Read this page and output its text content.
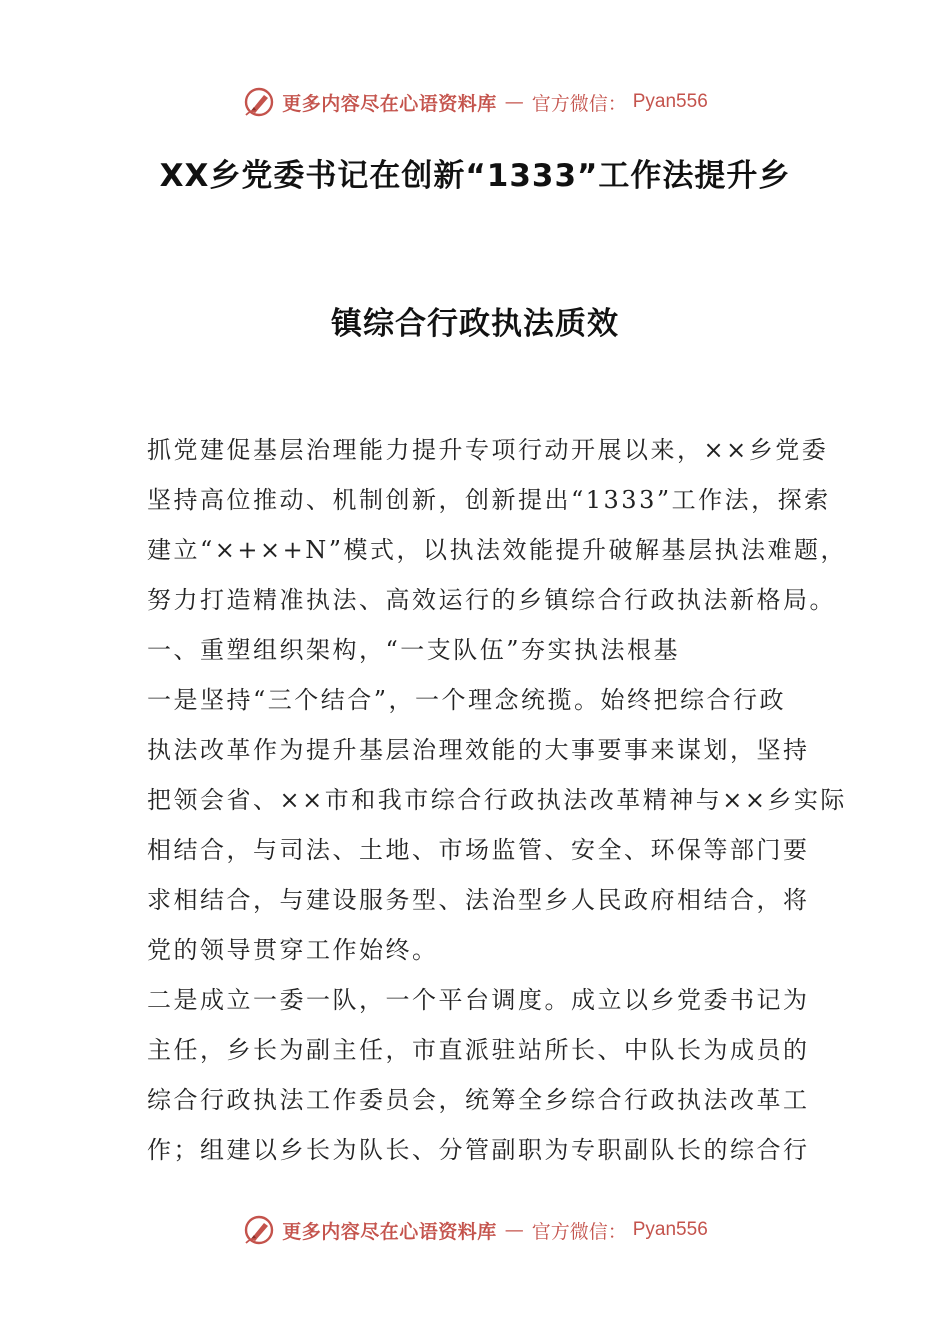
更多内容尽在心语资料库 — 官方微信： Pyan556
XX乡党委书记在创新“1333”工作法提升乡
镇综合行政执法质效
抓党建促基层治理能力提升专项行动开展以来，××乡党委
坚持高位推动、机制创新，创新提出“1333”工作法，探索
建立“×+×+N”模式，以执法效能提升破解基层执法难题，
努力打造精准执法、高效运行的乡镇综合行政执法新格局。
一、重塑组织架构，“一支队伍”夯实执法根基
一是坚持“三个结合”，一个理念统揽。始终把综合行政
执法改革作为提升基层治理效能的大事要事来谋划，坚持
把领会省、××市和我市综合行政执法改革精神与××乡实际
相结合，与司法、土地、市场监管、安全、环保等部门要
求相结合，与建设服务型、法治型乡人民政府相结合，将
党的领导贯穿工作始终。
二是成立一委一队，一个平台调度。成立以乡党委书记为
主任，乡长为副主任，市直派驻站所长、中队长为成员的
综合行政执法工作委员会，统筹全乡综合行政执法改革工
作；组建以乡长为队长、分管副职为专职副队长的综合行
更多内容尽在心语资料库 — 官方微信： Pyan556
